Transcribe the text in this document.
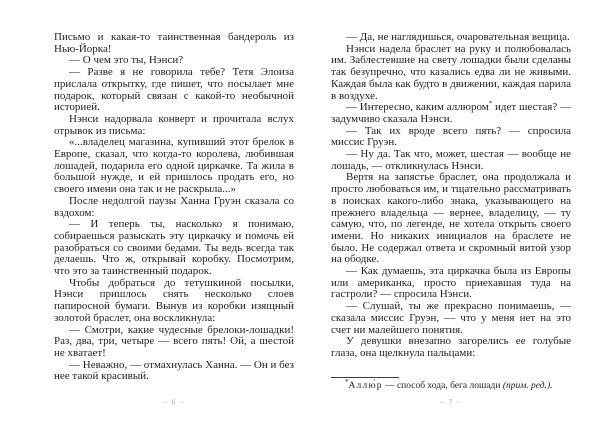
Письмо и какая-то таинственная бандероль из Нью-Йорка!

— О чем это ты, Нэнси?

— Разве я не говорила тебе? Тетя Элоиза прислала открытку, где пишет, что посылает мне подарок, который связан с какой-то необычной историей.

Нэнси надорвала конверт и прочитала вслух отрывок из письма:

«...владелец магазина, купивший этот брелок в Европе, сказал, что когда-то королева, любившая лошадей, подарила его одной циркачке. Та жила в большой нужде, и ей пришлось продать его, но своего имени она так и не раскрыла...»

После недолгой паузы Ханна Груэн сказала со вздохом:

— И теперь ты, насколько я понимаю, собираешься разыскать эту циркачку и помочь ей разобраться со своими бедами. Ты ведь всегда так делаешь. Что ж, открывай коробку. Посмотрим, что это за таинственный подарок.

Чтобы добраться до тетушкиной посылки, Нэнси пришлось снять несколько слоев папиросной бумаги. Вынув из коробки изящный золотой браслет, она воскликнула:

— Смотри, какие чудесные брелоки-лошадки! Раз, два, три, четыре — всего пять! Ой, а шестой не хватает!

— Неважно, — отмахнулась Ханна. — Он и без нее такой красивый.

— Да, не наглядишься, очаровательная вещица.

Нэнси надела браслет на руку и полюбовалась им. Заблестевшие на свету лошадки были сделаны так безупречно, что казались едва ли не живыми. Каждая была как будто в движении, каждая парила в воздухе.

— Интересно, каким аллюром* идет шестая? — задумчиво сказала Нэнси.

— Так их вроде всего пять? — спросила миссис Груэн.

— Ну да. Так что, может, шестая — вообще не лошадь, — откликнулась Нэнси.

Вертя на запястье браслет, она продолжала и просто любоваться им, и тщательно рассматривать в поисках какого-либо знака, указывающего на прежнего владельца — вернее, владелицу, — ту самую, что, по легенде, не хотела открыть своего имени. Но никаких инициалов на браслете не было. Не содержал ответа и скромный витой узор на ободке.

— Как думаешь, эта циркачка была из Европы или американка, просто приехавшая туда на гастроли? — спросила Нэнси.

— Слушай, ты же прекрасно понимаешь, — сказала миссис Груэн, — что у меня нет на это счет ни малейшего понятия.

У девушки внезапно загорелись ее голубые глаза, она щелкнула пальцами:

*Аллю́р — способ хода, бега лошади (прим. ред.).

~ 6 ~	~ 7 ~
